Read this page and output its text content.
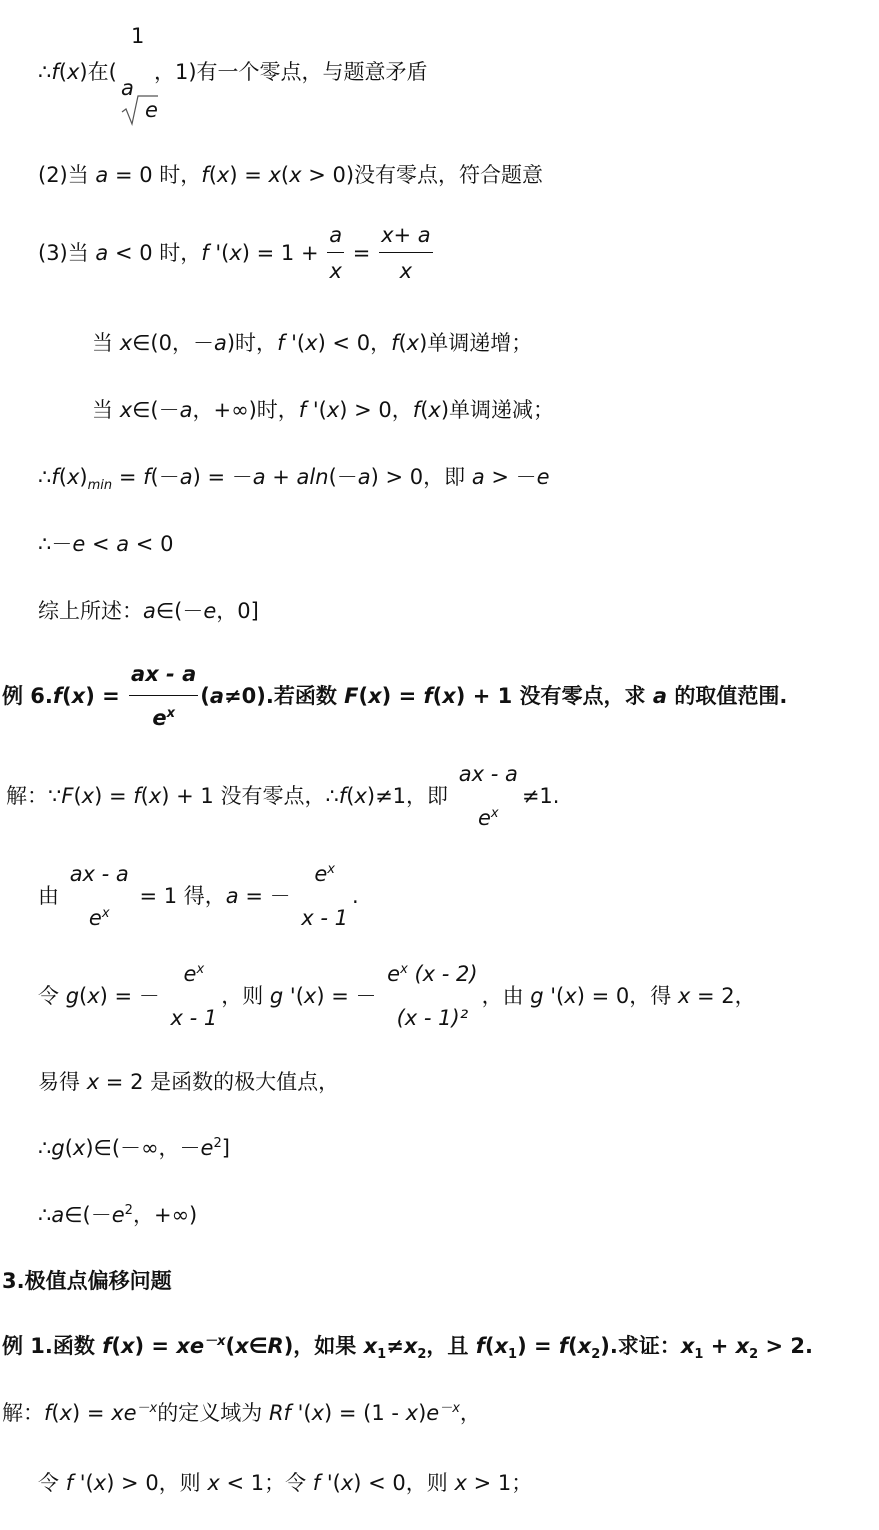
∴f(x)在(
1
a
e
，1)有一个零点，与题意矛盾
(2)当 a = 0 时，f(x) = x(x > 0)没有零点，符合题意
(3)当 a < 0 时，f '$(x) = 1 + \frac{a}{x} = \frac{x+ a}{x}$
当 x∈(0，－a)时，f '(x) < 0，f(x)单调递增；
当 x∈(－a，+∞)时，f '(x) > 0，f(x)单调递减；
$\therefore f(x)_{min} = f(-a) = -a + aln(-a) > 0$，即 a > －e
∴－e < a < 0
综上所述：a∈(－e，0]
例 $6.f(x) = \frac{ax - a}{e^x} (a\ne 0)$.若函数 F(x) = f(x) + 1 没有零点，求 a 的取值范围.
解：∵F(x) = f(x) + 1 没有零点，∴f(x)≠1，即
ax - a
$e^x$
≠1.
由
ax - a
$e^x$
= 1 得，a = －
$e^x$
x - 1
.
令 g(x) = －
$e^x$
x - 1
，则 g '(x) = －
$e^x$ (x - 2)
(x - 1)²
，由 g '(x) = 0，得 x = 2，
易得 x = 2 是函数的极大值点，
∴g(x)∈(－∞，$-e^2$]
$\therefore a\in(-e^2$，+∞)
3.极值点偏移问题
例 1.函数 $f(x) = xe^{-x}(x\in R)$，如果 $x_1\ne x_2$，且 $f(x_1) = f(x_2)$.求证：$x_1 + x_2 > 2$.
解：$f(x) = xe^{-x}$的定义域为 Rf '$(x) = (1 - x)e^{-x}$，
令 f '(x) > 0，则 x < 1；令 f '(x) < 0，则 x > 1；
